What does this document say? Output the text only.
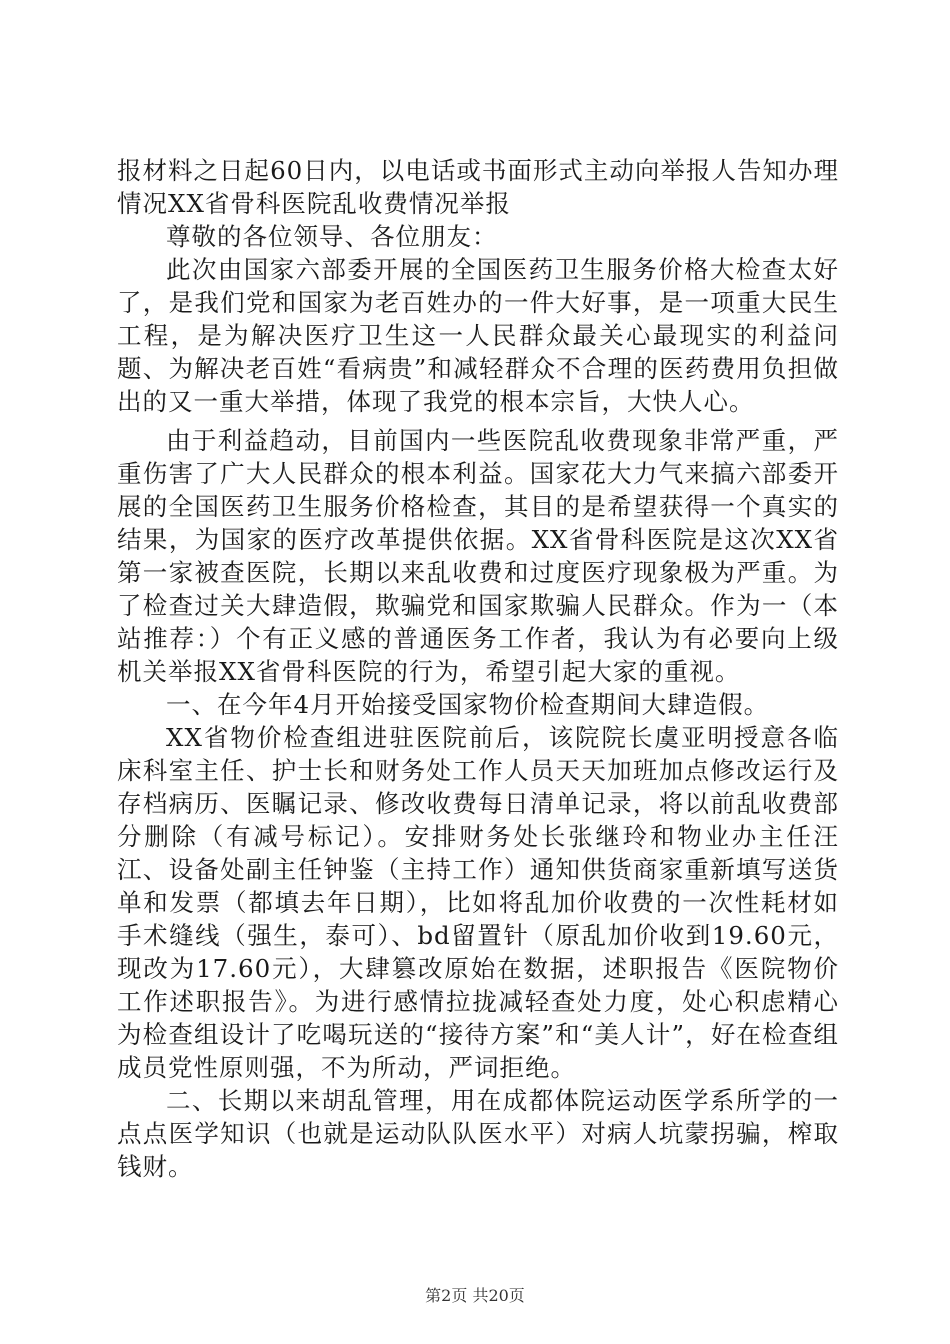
报材料之日起60日内，以电话或书面形式主动向举报人告知办理情况XX省骨科医院乱收费情况举报

尊敬的各位领导、各位朋友：

此次由国家六部委开展的全国医药卫生服务价格大检查太好了，是我们党和国家为老百姓办的一件大好事，是一项重大民生工程，是为解决医疗卫生这一人民群众最关心最现实的利益问题、为解决老百姓“看病贵”和减轻群众不合理的医药费用负担做出的又一重大举措，体现了我党的根本宗旨，大快人心。

由于利益趋动，目前国内一些医院乱收费现象非常严重，严重伤害了广大人民群众的根本利益。国家花大力气来搞六部委开展的全国医药卫生服务价格检查，其目的是希望获得一个真实的结果，为国家的医疗改革提供依据。XX省骨科医院是这次XX省第一家被查医院，长期以来乱收费和过度医疗现象极为严重。为了检查过关大肆造假，欺骗党和国家欺骗人民群众。作为一（本站推荐：）个有正义感的普通医务工作者，我认为有必要向上级机关举报XX省骨科医院的行为，希望引起大家的重视。

一、在今年4月开始接受国家物价检查期间大肆造假。

XX省物价检查组进驻医院前后，该院院长虞亚明授意各临床科室主任、护士长和财务处工作人员天天加班加点修改运行及存档病历、医瞩记录、修改收费每日清单记录，将以前乱收费部分删除（有减号标记）。安排财务处长张继玲和物业办主任汪江、设备处副主任钟鉴（主持工作）通知供货商家重新填写送货单和发票（都填去年日期），比如将乱加价收费的一次性耗材如手术缝线（强生，泰可）、bd留置针（原乱加价收到19.60元，现改为17.60元），大肆篡改原始在数据，述职报告《医院物价工作述职报告》。为进行感情拉拢减轻查处力度，处心积虑精心为检查组设计了吃喝玩送的“接待方案”和“美人计”，好在检查组成员党性原则强，不为所动，严词拒绝。

二、长期以来胡乱管理，用在成都体院运动医学系所学的一点点医学知识（也就是运动队队医水平）对病人坑蒙拐骗，榨取钱财。

第2页 共20页
